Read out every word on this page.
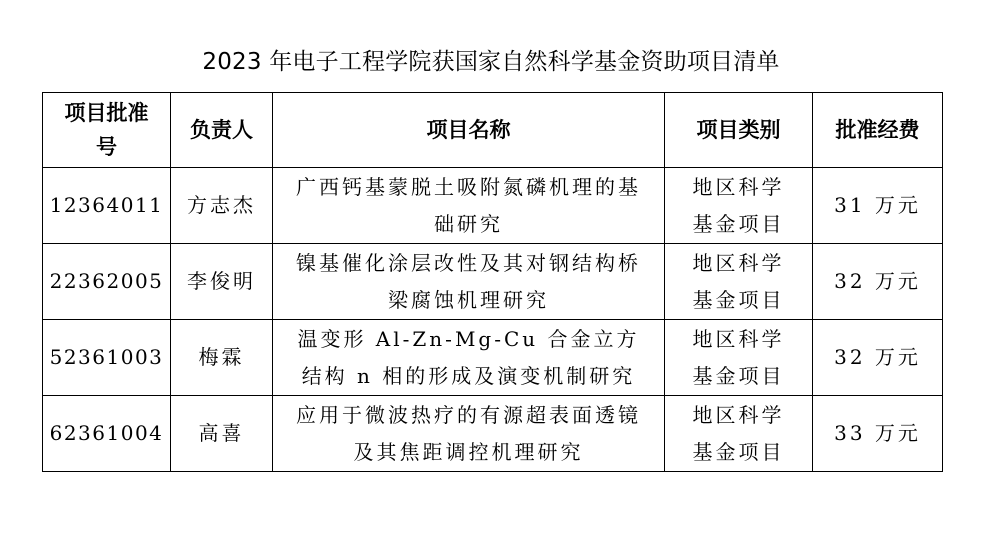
2023 年电子工程学院获国家自然科学基金资助项目清单
项目批准号	负责人	项目名称	项目类别	批准经费
12364011	方志杰	广西钙基蒙脱土吸附氮磷机理的基础研究	地区科学基金项目	31 万元
22362005	李俊明	镍基催化涂层改性及其对钢结构桥梁腐蚀机理研究	地区科学基金项目	32 万元
52361003	梅霖	温变形 Al-Zn-Mg-Cu 合金立方结构 n 相的形成及演变机制研究	地区科学基金项目	32 万元
62361004	高喜	应用于微波热疗的有源超表面透镜及其焦距调控机理研究	地区科学基金项目	33 万元
